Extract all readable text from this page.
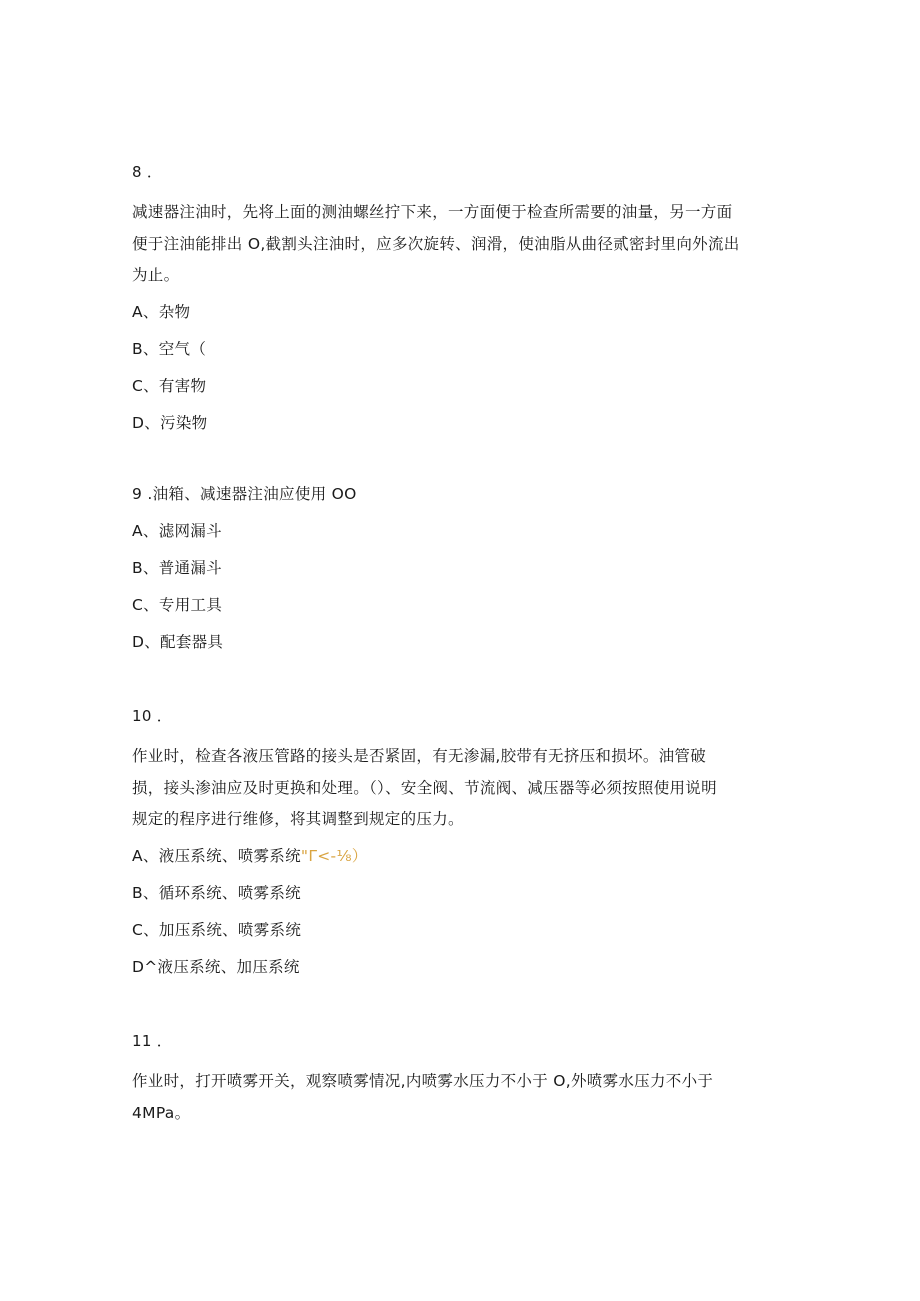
8 ．
减速器注油时，先将上面的测油螺丝拧下来，一方面便于检查所需要的油量，另一方面
便于注油能排出 O,截割头注油时，应多次旋转、润滑，使油脂从曲径贰密封里向外流出
为止。
A、杂物
B、空气（
C、有害物
D、污染物
9 .油箱、减速器注油应使用 OO
A、滤网漏斗
B、普通漏斗
C、专用工具
D、配套器具
10 ．
作业时，检查各液压管路的接头是否紧固，有无渗漏,胶带有无挤压和损坏。油管破
损，接头渗油应及时更换和处理。（）、安全阀、节流阀、减压器等必须按照使用说明
规定的程序进行维修，将其调整到规定的压力。
A、液压系统、喷雾系统"Γ<-⅛）
B、循环系统、喷雾系统
C、加压系统、喷雾系统
D^液压系统、加压系统
11 ．
作业时，打开喷雾开关，观察喷雾情况,内喷雾水压力不小于 O,外喷雾水压力不小于
4MPa。
